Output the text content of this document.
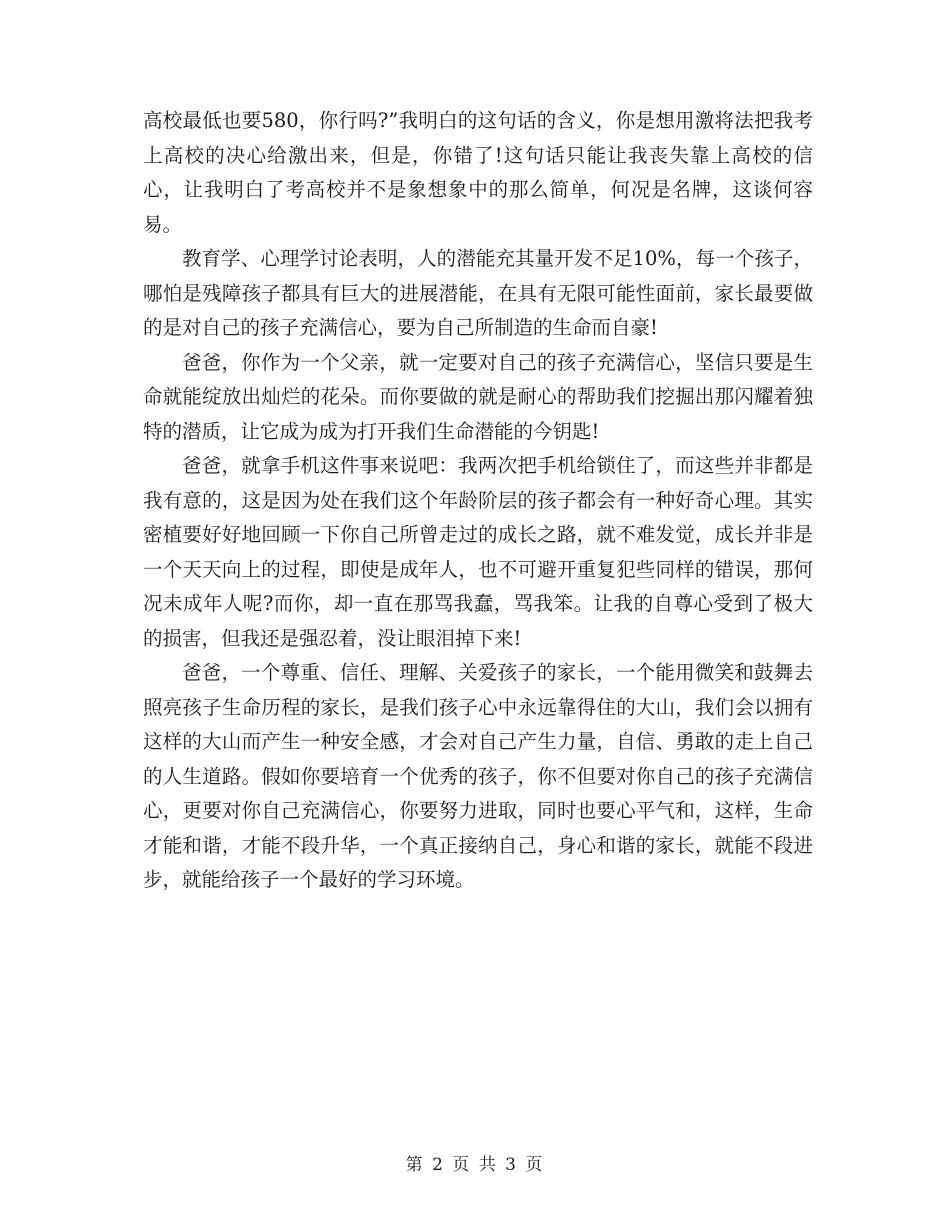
高校最低也要580，你行吗?”我明白的这句话的含义，你是想用激将法把我考上高校的决心给激出来，但是，你错了!这句话只能让我丧失靠上高校的信心，让我明白了考高校并不是象想象中的那么简单，何况是名牌，这谈何容易。

教育学、心理学讨论表明，人的潜能充其量开发不足10%，每一个孩子，哪怕是残障孩子都具有巨大的进展潜能，在具有无限可能性面前，家长最要做的是对自己的孩子充满信心，要为自己所制造的生命而自豪!

爸爸，你作为一个父亲，就一定要对自己的孩子充满信心，坚信只要是生命就能绽放出灿烂的花朵。而你要做的就是耐心的帮助我们挖掘出那闪耀着独特的潜质，让它成为成为打开我们生命潜能的今钥匙!

爸爸，就拿手机这件事来说吧：我两次把手机给锁住了，而这些并非都是我有意的，这是因为处在我们这个年龄阶层的孩子都会有一种好奇心理。其实密植要好好地回顾一下你自己所曾走过的成长之路，就不难发觉，成长并非是一个天天向上的过程，即使是成年人，也不可避开重复犯些同样的错误，那何况未成年人呢?而你，却一直在那骂我蠢，骂我笨。让我的自尊心受到了极大的损害，但我还是强忍着，没让眼泪掉下来!

爸爸，一个尊重、信任、理解、关爱孩子的家长，一个能用微笑和鼓舞去照亮孩子生命历程的家长，是我们孩子心中永远靠得住的大山，我们会以拥有这样的大山而产生一种安全感，才会对自己产生力量，自信、勇敢的走上自己的人生道路。假如你要培育一个优秀的孩子，你不但要对你自己的孩子充满信心，更要对你自己充满信心，你要努力进取，同时也要心平气和，这样，生命才能和谐，才能不段升华，一个真正接纳自己，身心和谐的家长，就能不段进步，就能给孩子一个最好的学习环境。

第 2 页 共 3 页
